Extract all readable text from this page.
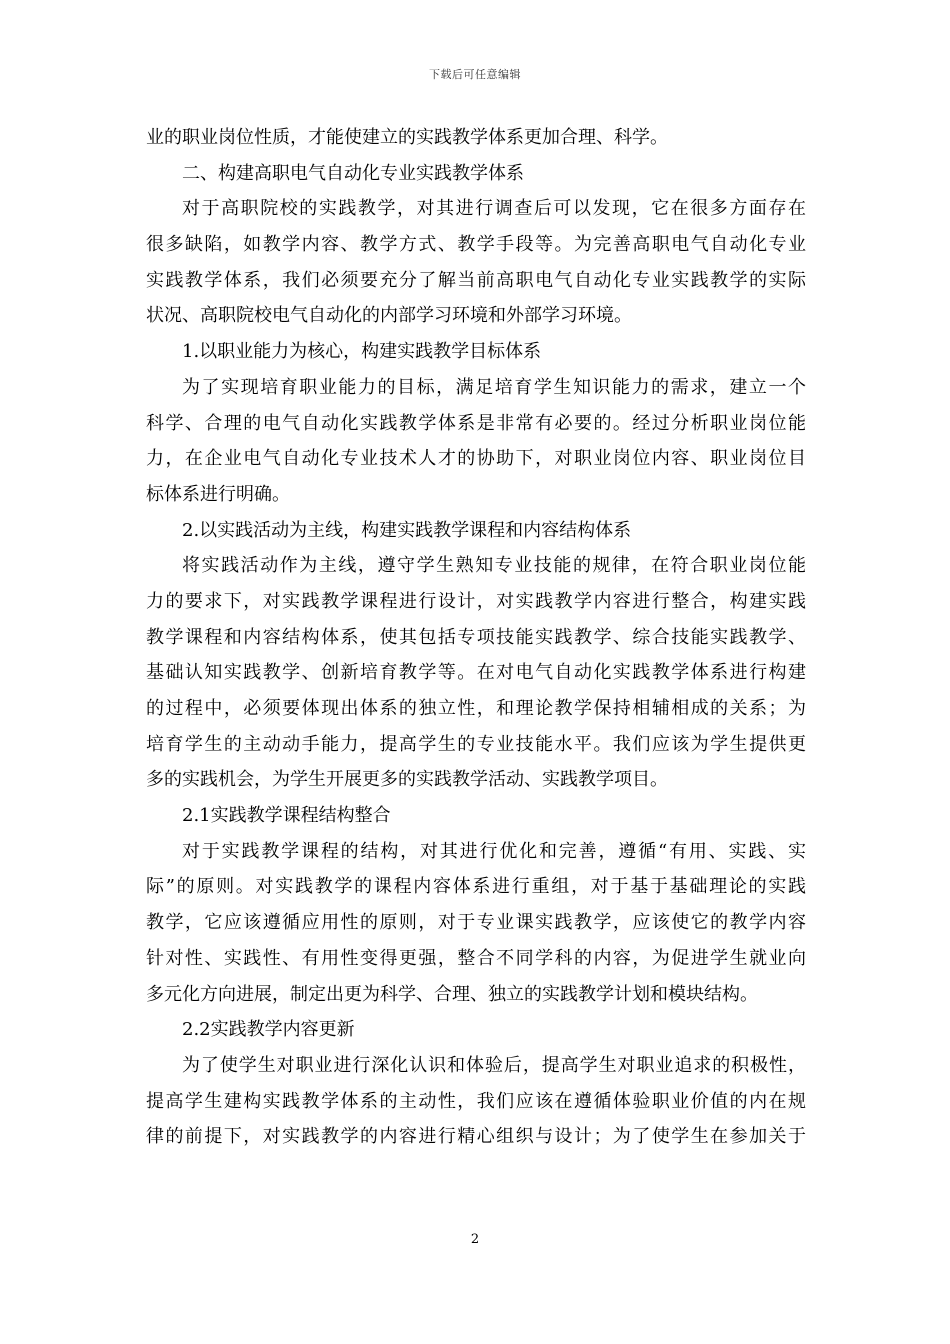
下载后可任意编辑
业的职业岗位性质，才能使建立的实践教学体系更加合理、科学。
二、构建高职电气自动化专业实践教学体系
对于高职院校的实践教学，对其进行调查后可以发现，它在很多方面存在
很多缺陷，如教学内容、教学方式、教学手段等。为完善高职电气自动化专业
实践教学体系，我们必须要充分了解当前高职电气自动化专业实践教学的实际
状况、高职院校电气自动化的内部学习环境和外部学习环境。
1.以职业能力为核心，构建实践教学目标体系
为了实现培育职业能力的目标，满足培育学生知识能力的需求，建立一个
科学、合理的电气自动化实践教学体系是非常有必要的。经过分析职业岗位能
力，在企业电气自动化专业技术人才的协助下，对职业岗位内容、职业岗位目
标体系进行明确。
2.以实践活动为主线，构建实践教学课程和内容结构体系
将实践活动作为主线，遵守学生熟知专业技能的规律，在符合职业岗位能
力的要求下，对实践教学课程进行设计，对实践教学内容进行整合，构建实践
教学课程和内容结构体系，使其包括专项技能实践教学、综合技能实践教学、
基础认知实践教学、创新培育教学等。在对电气自动化实践教学体系进行构建
的过程中，必须要体现出体系的独立性，和理论教学保持相辅相成的关系；为
培育学生的主动动手能力，提高学生的专业技能水平。我们应该为学生提供更
多的实践机会，为学生开展更多的实践教学活动、实践教学项目。
2.1实践教学课程结构整合
对于实践教学课程的结构，对其进行优化和完善，遵循“有用、实践、实
际”的原则。对实践教学的课程内容体系进行重组，对于基于基础理论的实践
教学，它应该遵循应用性的原则，对于专业课实践教学，应该使它的教学内容
针对性、实践性、有用性变得更强，整合不同学科的内容，为促进学生就业向
多元化方向进展，制定出更为科学、合理、独立的实践教学计划和模块结构。
2.2实践教学内容更新
为了使学生对职业进行深化认识和体验后，提高学生对职业追求的积极性，
提高学生建构实践教学体系的主动性，我们应该在遵循体验职业价值的内在规
律的前提下，对实践教学的内容进行精心组织与设计；为了使学生在参加关于
2
